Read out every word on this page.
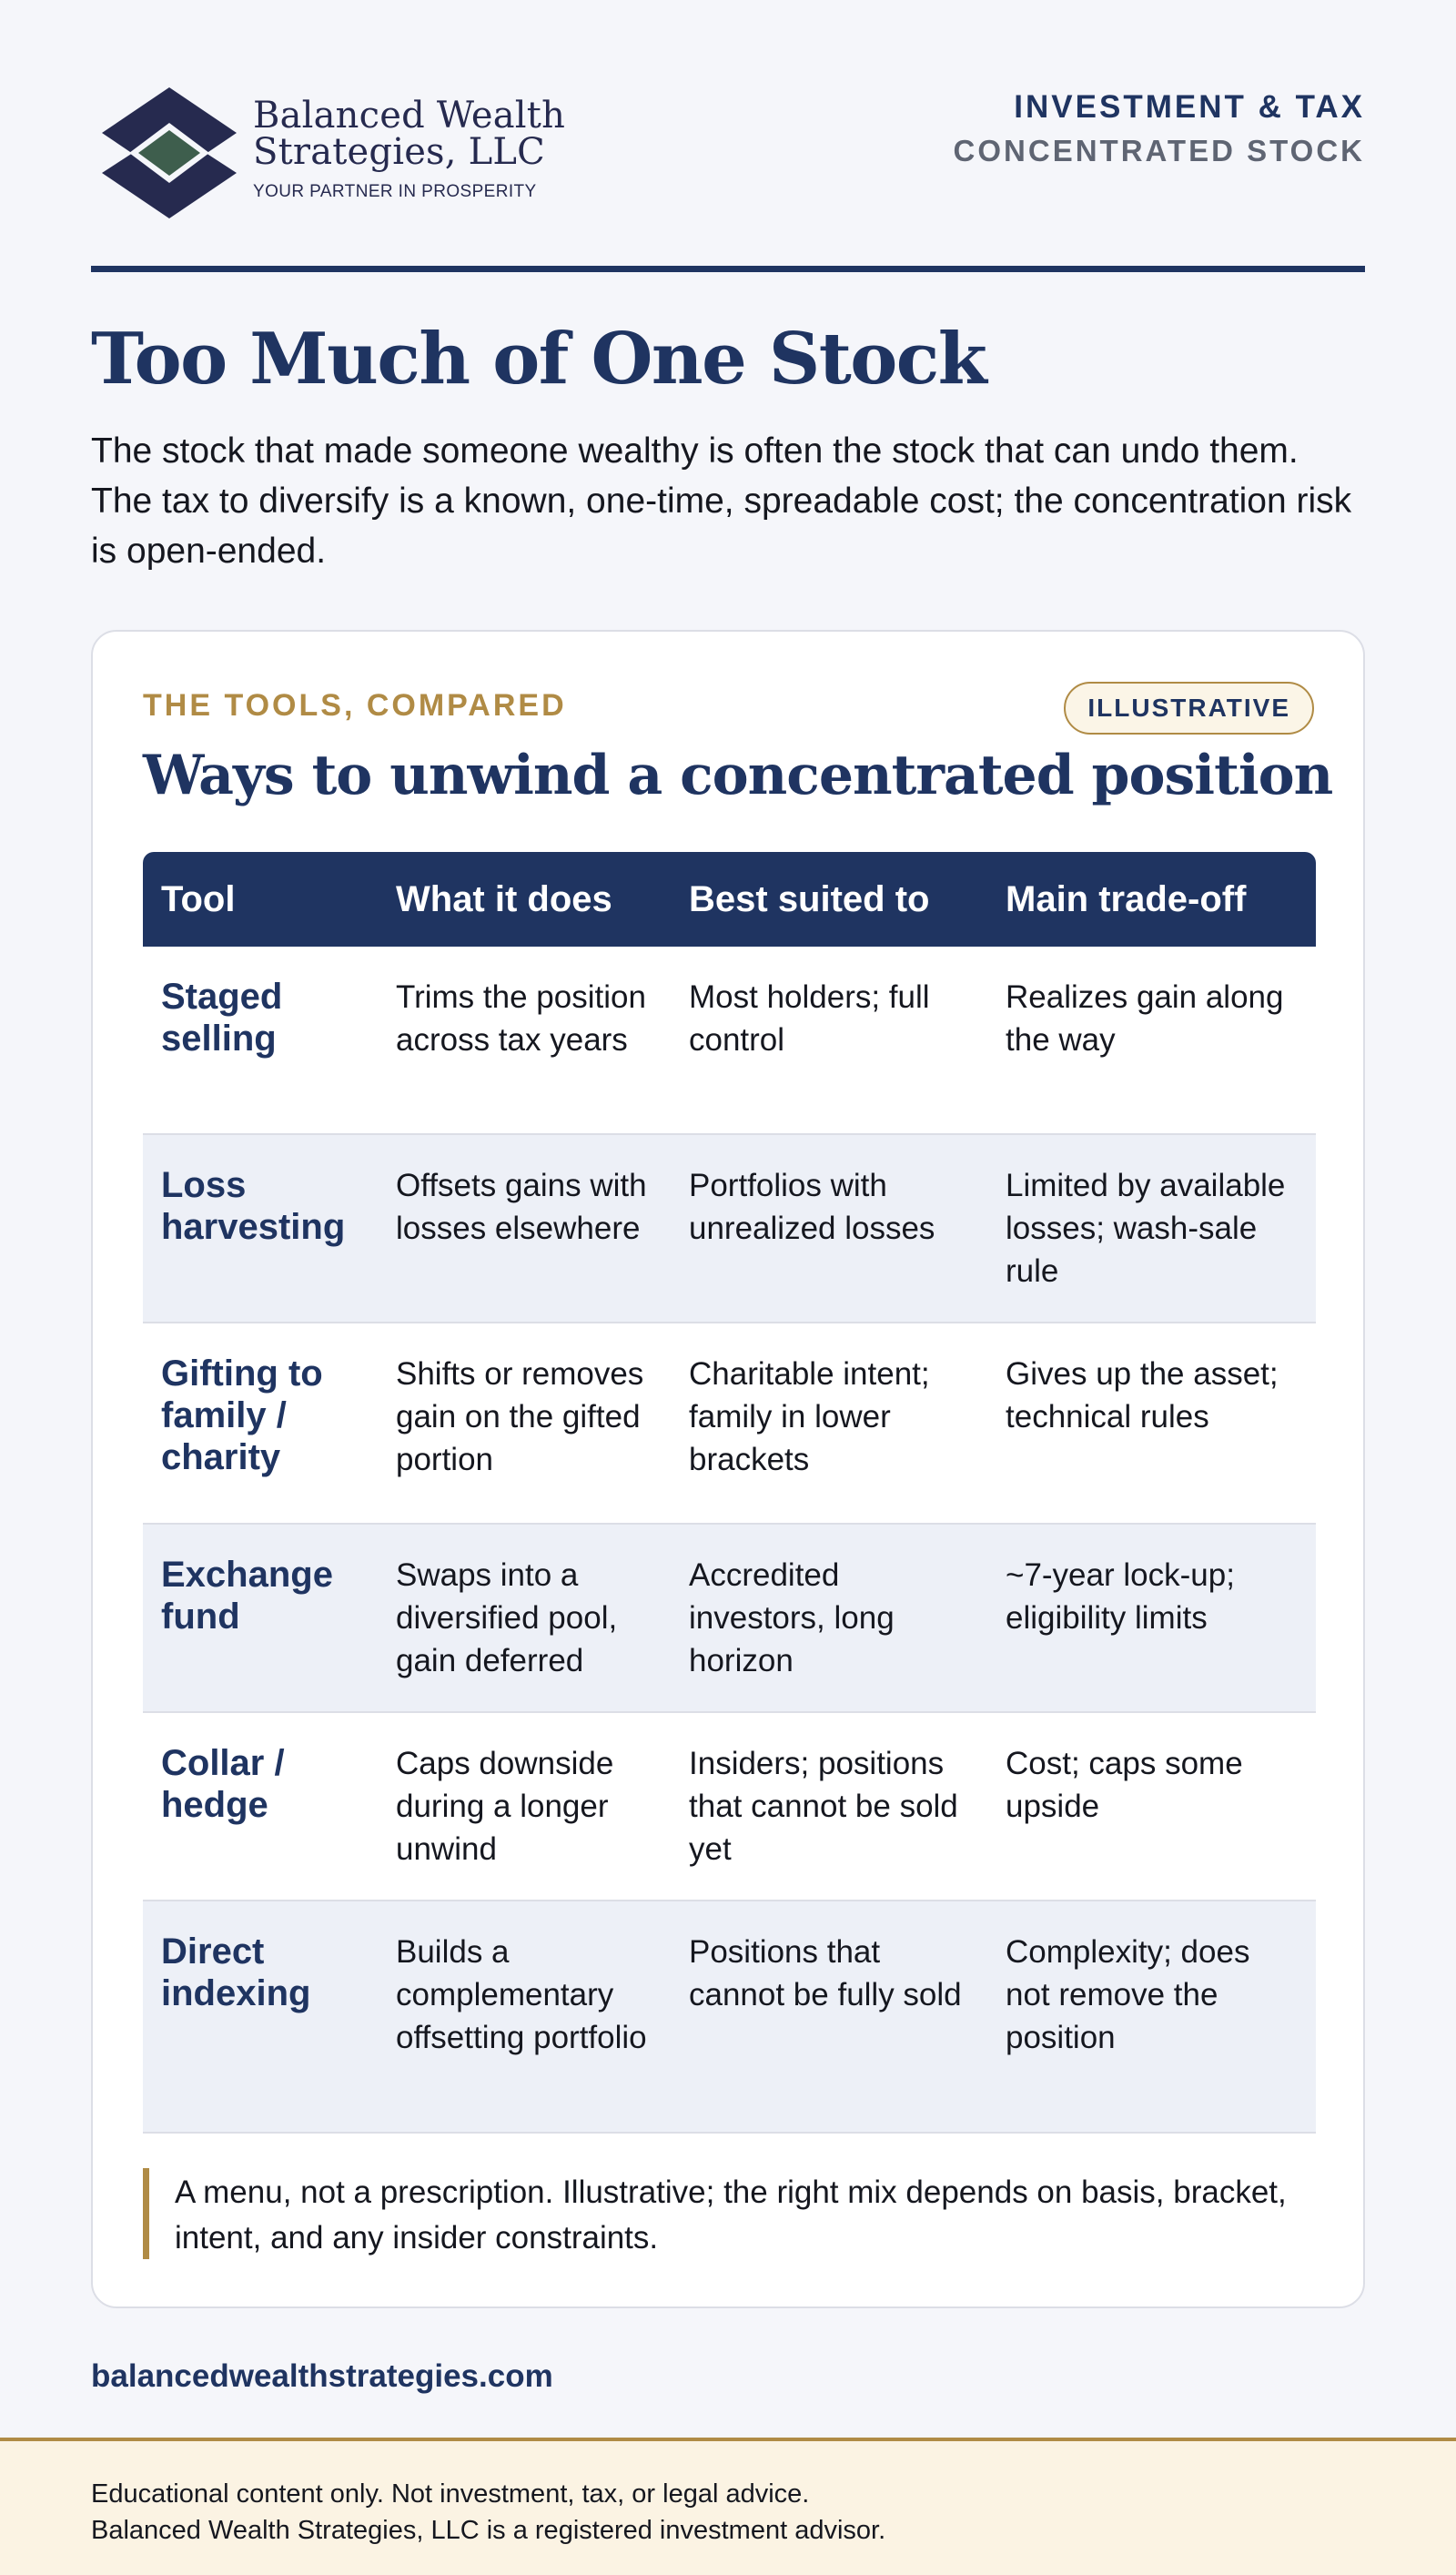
Balanced Wealth
Strategies, LLC
YOUR PARTNER IN PROSPERITY
INVESTMENT & TAX
CONCENTRATED STOCK
Too Much of One Stock

The stock that made someone wealthy is often the stock that can undo them. The tax to diversify is a known, one-time, spreadable cost; the concentration risk is open-ended.

THE TOOLS, COMPARED	ILLUSTRATIVE
Ways to unwind a concentrated position
Tool	What it does	Best suited to	Main trade-off
Staged selling	Trims the position across tax years	Most holders; full control	Realizes gain along the way
Loss harvesting	Offsets gains with losses elsewhere	Portfolios with unrealized losses	Limited by available losses; wash-sale rule
Gifting to family / charity	Shifts or removes gain on the gifted portion	Charitable intent; family in lower brackets	Gives up the asset; technical rules
Exchange fund	Swaps into a diversified pool, gain deferred	Accredited investors, long horizon	~7-year lock-up; eligibility limits
Collar / hedge	Caps downside during a longer unwind	Insiders; positions that cannot be sold yet	Cost; caps some upside
Direct indexing	Builds a complementary offsetting portfolio	Positions that cannot be fully sold	Complexity; does not remove the position
A menu, not a prescription. Illustrative; the right mix depends on basis, bracket, intent, and any insider constraints.
balancedwealthstrategies.com
Educational content only. Not investment, tax, or legal advice.
Balanced Wealth Strategies, LLC is a registered investment advisor.
